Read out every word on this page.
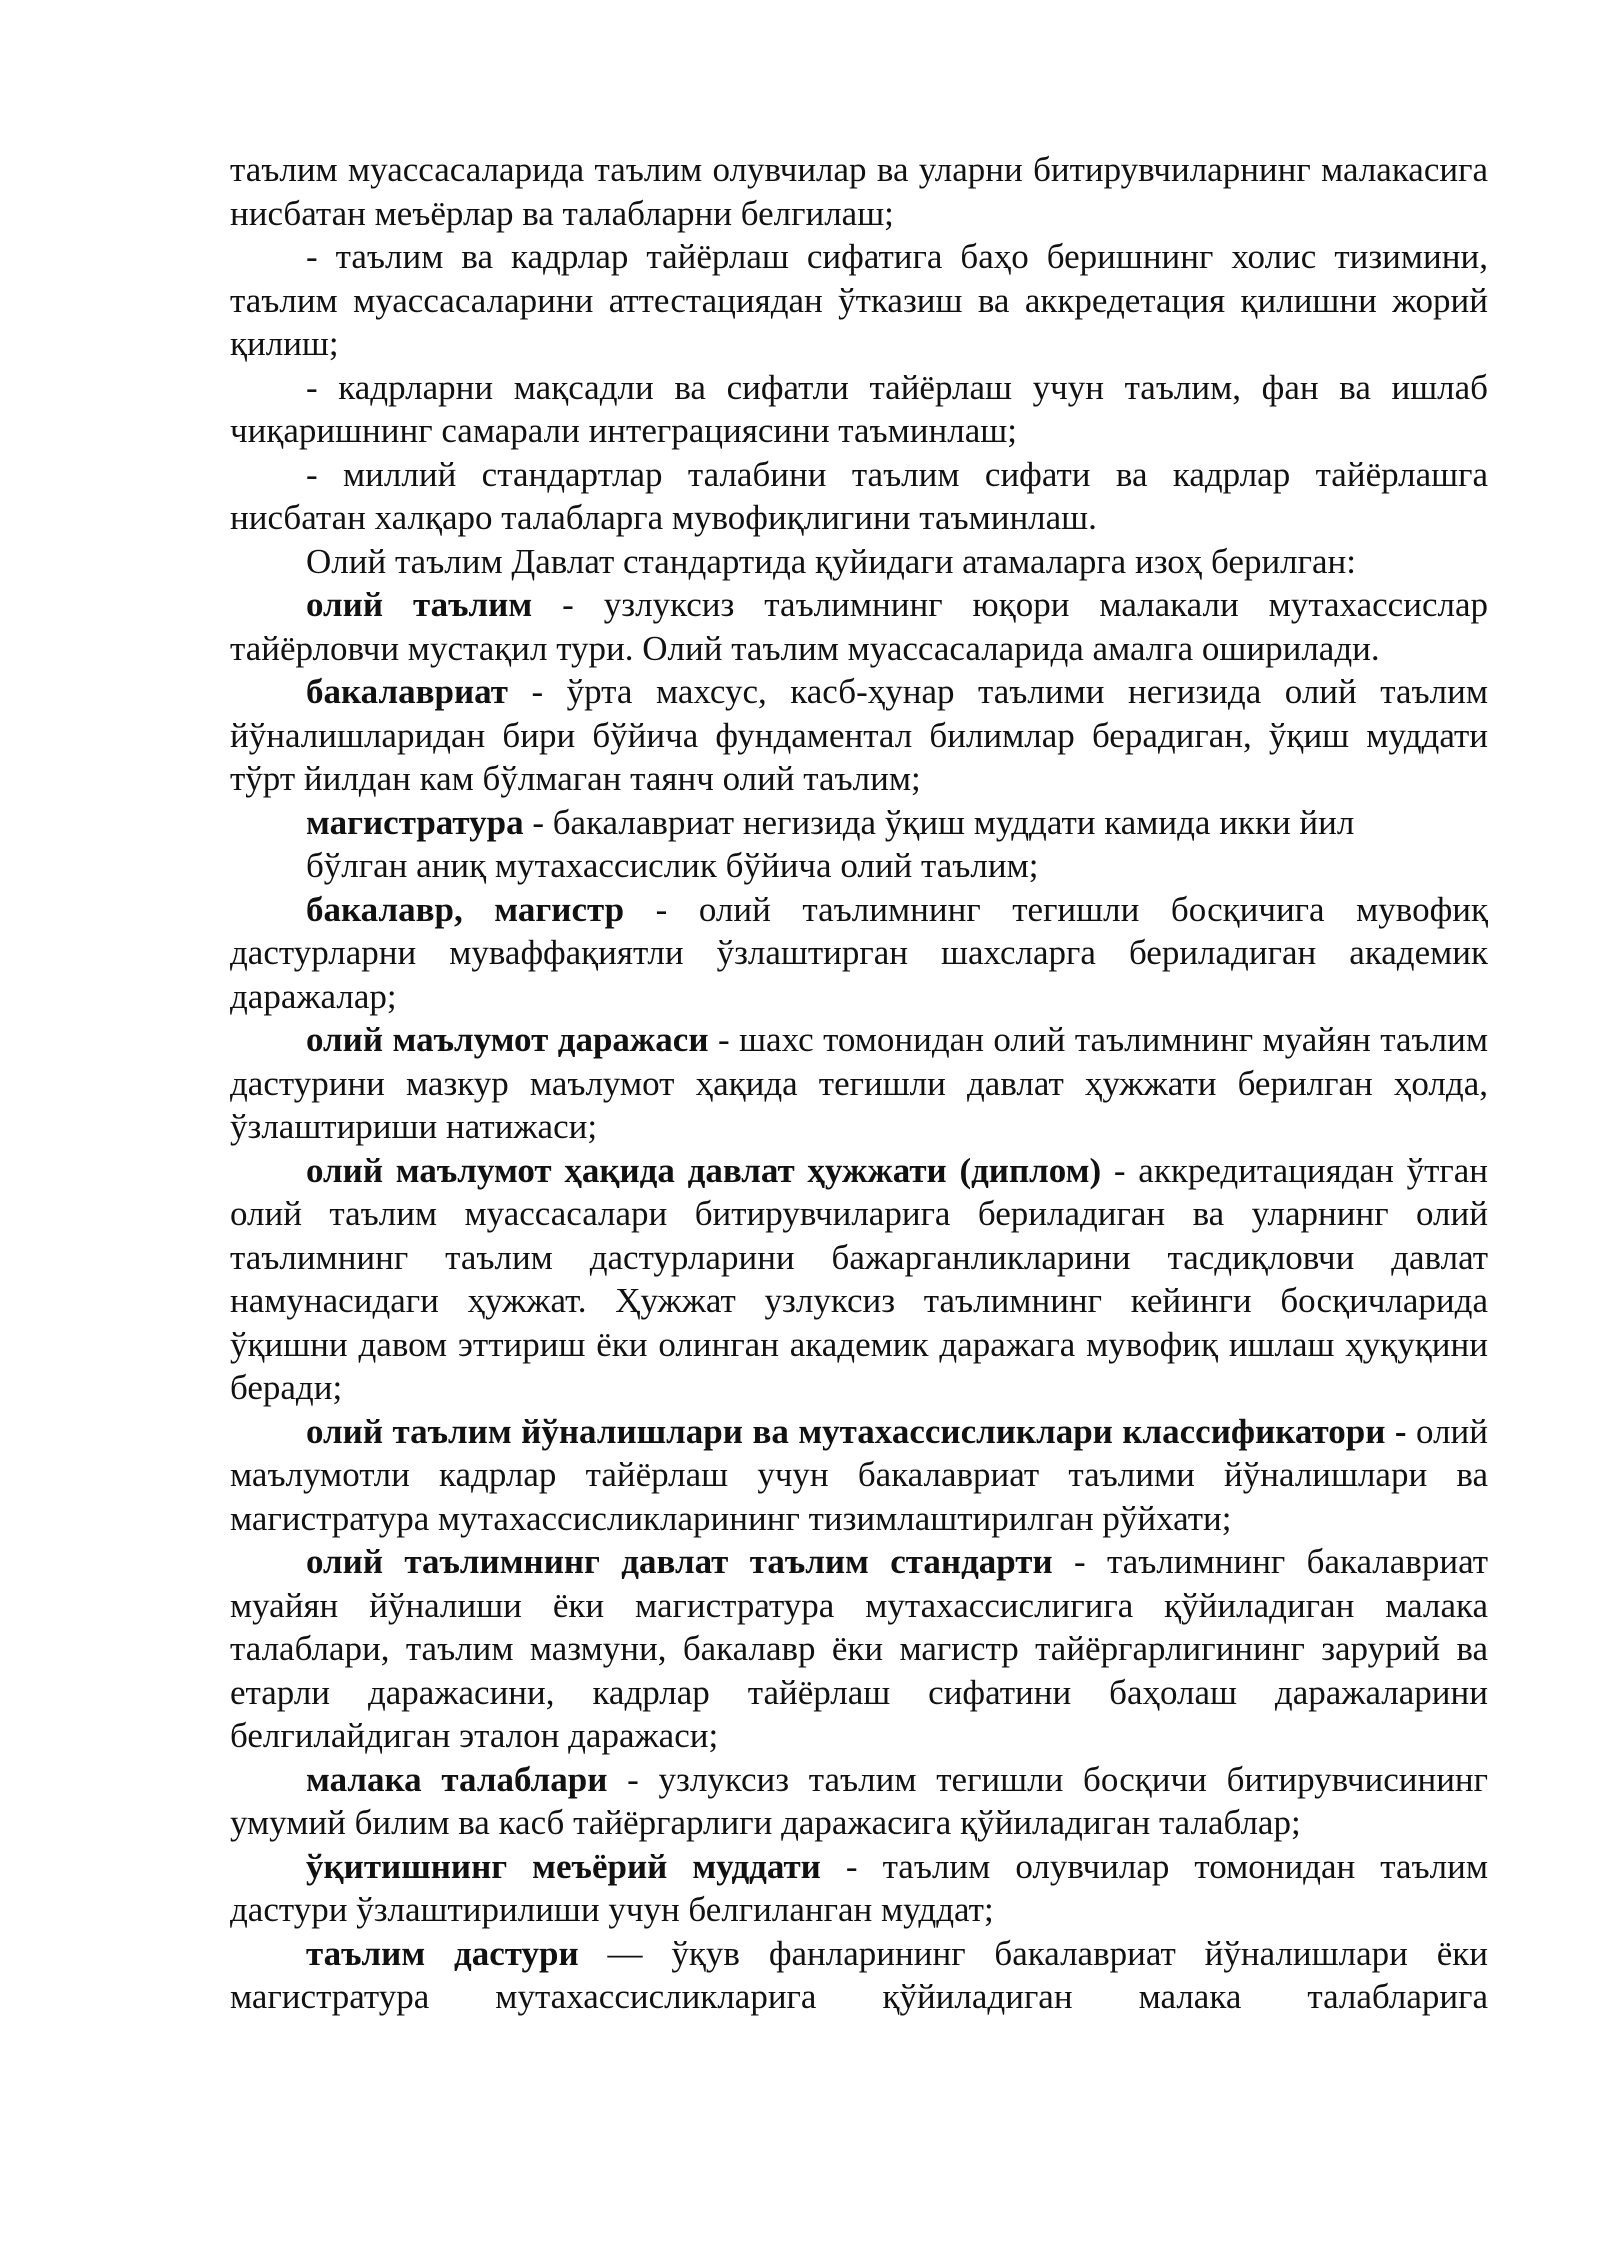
таълим муассасаларида таълим олувчилар ва уларни битирувчиларнинг малакасига нисбатан меъёрлар ва талабларни белгилаш;

- таълим ва кадрлар тайёрлаш сифатига баҳо беришнинг холис тизимини, таълим муассасаларини аттестациядан ўтказиш ва аккредетация қилишни жорий қилиш;

- кадрларни мақсадли ва сифатли тайёрлаш учун таълим, фан ва ишлаб чиқаришнинг самарали интеграциясини таъминлаш;

- миллий стандартлар талабини таълим сифати ва кадрлар тайёрлашга нисбатан халқаро талабларга мувофиқлигини таъминлаш.

Олий таълим Давлат стандартида қуйидаги атамаларга изоҳ берилган:

олий таълим - узлуксиз таълимнинг юқори малакали мутахассислар тайёрловчи мустақил тури. Олий таълим муассасаларида амалга оширилади.

бакалавриат - ўрта махсус, касб-ҳунар таълими негизида олий таълим йўналишларидан бири бўйича фундаментал билимлар берадиган, ўқиш муддати тўрт йилдан кам бўлмаган таянч олий таълим;

магистратура - бакалавриат негизида ўқиш муддати камида икки йил

бўлган аниқ мутахассислик бўйича олий таълим;

бакалавр, магистр - олий таълимнинг тегишли босқичига мувофиқ дастурларни муваффақиятли ўзлаштирган шахсларга бериладиган академик даражалар;

олий маълумот даражаси - шахс томонидан олий таълимнинг муайян таълим дастурини мазкур маълумот ҳақида тегишли давлат ҳужжати берилган ҳолда, ўзлаштириши натижаси;

олий маълумот ҳақида давлат ҳужжати (диплом) - аккредитациядан ўтган олий таълим муассасалари битирувчиларига бериладиган ва уларнинг олий таълимнинг таълим дастурларини бажарганликларини тасдиқловчи давлат намунасидаги ҳужжат. Ҳужжат узлуксиз таълимнинг кейинги босқичларида ўқишни давом эттириш ёки олинган академик даражага мувофиқ ишлаш ҳуқуқини беради;

олий таълим йўналишлари ва мутахассисликлари классификатори - олий маълумотли кадрлар тайёрлаш учун бакалавриат таълими йўналишлари ва магистратура мутахассисликларининг тизимлаштирилган рўйхати;

олий таълимнинг давлат таълим стандарти - таълимнинг бакалавриат муайян йўналиши ёки магистратура мутахассислигига қўйиладиган малака талаблари, таълим мазмуни, бакалавр ёки магистр тайёргарлигининг зарурий ва етарли даражасини, кадрлар тайёрлаш сифатини баҳолаш даражаларини белгилайдиган эталон даражаси;

малака талаблари - узлуксиз таълим тегишли босқичи битирувчисининг умумий билим ва касб тайёргарлиги даражасига қўйиладиган талаблар;

ўқитишнинг меъёрий муддати - таълим олувчилар томонидан таълим дастури ўзлаштирилиши учун белгиланган муддат;

таълим дастури — ўқув фанларининг бакалавриат йўналишлари ёки магистратура мутахассисликларига қўйиладиган малака талабларига
